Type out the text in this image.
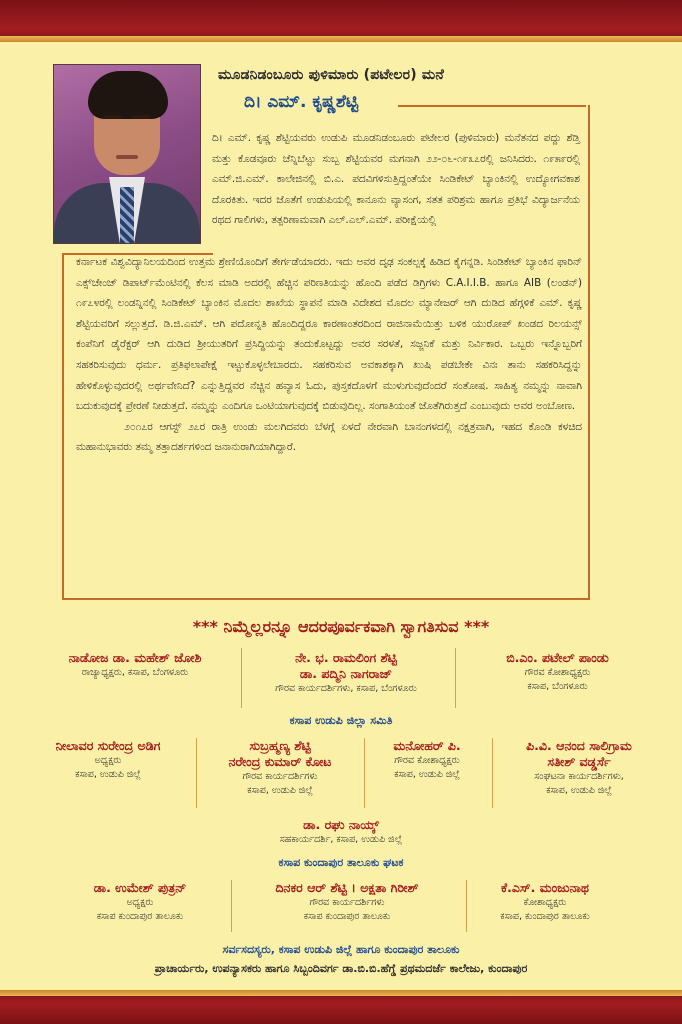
ಮೂಡನಿಡಂಬೂರು ಪುಳಿಮಾರು (ಪಟೇಲರ) ಮನೆ
ದಿ। ಎಮ್. ಕೃಷ್ಣಶೆಟ್ಟಿ
ದಿ। ಎಮ್. ಕೃಷ್ಣ ಶೆಟ್ಟಿಯವರು ಉಡುಪಿ ಮೂಡನಿಡಂಬೂರು ಪಟೇಲರ (ಪುಳಿಮಾರು) ಮನೆತನದ ಪದ್ದು ಶೆಡ್ತಿ ಮತ್ತು ಕೊಡವೂರು ಚೆನ್ನಿಬೆಟ್ಟು ಸುಬ್ಬ ಶೆಟ್ಟಿಯವರ ಮಗನಾಗಿ ೨೨-೦೬-೧೯೩೭ರಲ್ಲಿ ಜನಿಸಿದರು. ೧೯೫೯ರಲ್ಲಿ ಎಮ್.ಜಿ.ಎಮ್. ಕಾಲೇಜಿನಲ್ಲಿ ಬಿ.ಎ. ಪದವಿಗಳಿಸುತ್ತಿದ್ದಂತೆಯೇ ಸಿಂಡಿಕೇಟ್ ಬ್ಯಾಂಕಿನಲ್ಲಿ ಉದ್ಯೋಗವಕಾಶ ದೊರಕಿತು. ಇದರ ಜೊತೆಗೆ ಉಡುಪಿಯಲ್ಲಿ ಕಾನೂನು ವ್ಯಾಸಂಗ, ಸತತ ಪರಿಶ್ರಮ ಹಾಗೂ ಪ್ರತಿಭೆ ವಿದ್ಯಾರ್ಜನೆಯ ರಥದ ಗಾಲಿಗಳು, ತತ್ಪರಿಣಾಮವಾಗಿ ಎಲ್.ಎಲ್.ಎಮ್. ಪರೀಕ್ಷೆಯಲ್ಲಿ
ಕರ್ನಾಟಕ ವಿಶ್ವವಿದ್ಯಾನಿಲಯದಿಂದ ಉತ್ತಮ ಶ್ರೇಣಿಯೊಂದಿಗೆ ತೇರ್ಗಡೆಯಾದರು. ಇದು ಅವರ ದೃಢ ಸಂಕಲ್ಪಕ್ಕೆ ಹಿಡಿದ ಕೈಗನ್ನಡಿ. ಸಿಂಡಿಕೇಟ್ ಬ್ಯಾಂಕಿನ ಫಾರಿನ್ ಎಕ್ಸ್‌ಚೇಂಜ್ ಡಿಪಾರ್ಟ್‌ಮೆಂಟಿನಲ್ಲಿ ಕೆಲಸ ಮಾಡಿ ಅದರಲ್ಲಿ ಹೆಚ್ಚಿನ ಪರಿಣತಿಯನ್ನು ಹೊಂದಿ ಪಡೆದ ಡಿಗ್ರಿಗಳು C.A.I.I.B. ಹಾಗೂ AIB (ಲಂಡನ್) ೧೯೭೪ರಲ್ಲಿ ಲಂಡನ್ನಿನಲ್ಲಿ ಸಿಂಡಿಕೇಟ್ ಬ್ಯಾಂಕಿನ ಮೊದಲ ಶಾಖೆಯ ಸ್ಥಾಪನೆ ಮಾಡಿ ವಿದೇಶದ ಮೊದಲ ಮ್ಯಾನೇಜರ್ ಆಗಿ ದುಡಿದ ಹೆಗ್ಗಳಿಕೆ ಎಮ್. ಕೃಷ್ಣ ಶೆಟ್ಟಿಯವರಿಗೆ ಸಲ್ಲುತ್ತದೆ. ಡಿ.ಜಿ.ಎಮ್. ಆಗಿ ಪದೋನ್ನತಿ ಹೊಂದಿದ್ದರೂ ಕಾರಣಾಂತರದಿಂದ ರಾಜಿನಾಮೆಯಿತ್ತು ಬಳಿಕ ಯುರೋಪ್ ಖಂಡದ ರಿಲಯನ್ಸ್ ಕಂಪೆನಿಗೆ ಡೈರೆಕ್ಟರ್ ಆಗಿ ದುಡಿದ ಶ್ರೀಯುತರಿಗೆ ಪ್ರಸಿದ್ಧಿಯನ್ನು ತಂದುಕೊಟ್ಟದ್ದು ಅವರ ಸರಳತೆ, ಸಜ್ಜನಿಕೆ ಮತ್ತು ನಿರ್ವಿಕಾರ. ಒಬ್ಬರು ಇನ್ನೊಬ್ಬರಿಗೆ ಸಹಕರಿಸುವುದು ಧರ್ಮ. ಪ್ರತಿಫಲಾಪೇಕ್ಷೆ ಇಟ್ಟುಕೊಳ್ಳಲೇಬಾರದು. ಸಹಕರಿಸುವ ಅವಕಾಶಕ್ಕಾಗಿ ಖುಷಿ ಪಡಬೇಕೇ ವಿನಃ ತಾನು ಸಹಕರಿಸಿದ್ದನ್ನು ಹೇಳಿಕೊಳ್ಳುವುದರಲ್ಲಿ ಅರ್ಥವೇನಿದೆ? ಎನ್ನುತ್ತಿದ್ದವರ ನೆಚ್ಚಿನ ಹವ್ಯಾಸ ಓದು, ಪುಸ್ತಕದೊಳಗೆ ಮುಳುಗುವುದೆಂದರೆ ಸಂತೋಷ. ಸಾಹಿತ್ಯ ನಮ್ಮನ್ನು ನಾವಾಗಿ ಬದುಕುವುದಕ್ಕೆ ಪ್ರೇರಣೆ ನೀಡುತ್ತದೆ. ನಮ್ಮನ್ನು ಎಂದಿಗೂ ಒಂಟಿಯಾಗುವುದಕ್ಕೆ ಬಿಡುವುದಿಲ್ಲ. ಸಂಗಾತಿಯಂತೆ ಜೊತೆಗಿರುತ್ತದೆ ಎಂಬುವುದು ಅವರ ಅಂಬೋಣ.
೨೦೧೭ರ ಆಗಸ್ಟ್ ೨೭ರ ರಾತ್ರಿ ಉಂಡು ಮಲಗಿದವರು ಬೆಳಗ್ಗೆ ಏಳದೆ ನೇರವಾಗಿ ಬಾನಂಗಳದಲ್ಲಿ ನಕ್ಷತ್ರವಾಗಿ, ಇಹದ ಕೊಂಡಿ ಕಳಚಿದ ಮಹಾನುಭಾವರು ತಮ್ಮ ತತ್ತಾದರ್ಶಗಳಿಂದ ಜನಾನುರಾಗಿಯಾಗಿದ್ದಾರೆ.
*** ನಿಮ್ಮೆಲ್ಲರನ್ನೂ ಆದರಪೂರ್ವಕವಾಗಿ ಸ್ವಾಗತಿಸುವ ***
ನಾಡೋಜ ಡಾ. ಮಹೇಶ್ ಜೋಶಿ
ರಾಜ್ಯಾಧ್ಯಕ್ಷರು, ಕಸಾಪ, ಬೆಂಗಳೂರು
ನೇ. ಭ. ರಾಮಲಿಂಗ ಶೆಟ್ಟಿ
ಡಾ. ಪದ್ಮಿನಿ ನಾಗರಾಜ್
ಗೌರವ ಕಾರ್ಯದರ್ಶಿಗಳು, ಕಸಾಪ, ಬೆಂಗಳೂರು
ಬಿ.ಎಂ. ಪಟೇಲ್ ಪಾಂಡು
ಗೌರವ ಕೋಶಾಧ್ಯಕ್ಷರು
ಕಸಾಪ, ಬೆಂಗಳೂರು
ಕಸಾಪ ಉಡುಪಿ ಜಿಲ್ಲಾ ಸಮಿತಿ
ನೀಲಾವರ ಸುರೇಂದ್ರ ಅಡಿಗ
ಅಧ್ಯಕ್ಷರು
ಕಸಾಪ, ಉಡುಪಿ ಜಿಲ್ಲೆ
ಸುಬ್ರಹ್ಮಣ್ಯ ಶೆಟ್ಟಿ
ನರೇಂದ್ರ ಕುಮಾರ್ ಕೋಟ
ಗೌರವ ಕಾರ್ಯದರ್ಶಿಗಳು
ಕಸಾಪ, ಉಡುಪಿ ಜಿಲ್ಲೆ
ಮನೋಹರ್ ಪಿ.
ಗೌರವ ಕೋಶಾಧ್ಯಕ್ಷರು
ಕಸಾಪ, ಉಡುಪಿ ಜಿಲ್ಲೆ
ಪಿ.ವಿ. ಆನಂದ ಸಾಲಿಗ್ರಾಮ
ಸತೀಶ್ ವಡ್ಡರ್ಸೆ
ಸಂಘಟನಾ ಕಾರ್ಯದರ್ಶಿಗಳು,
ಕಸಾಪ, ಉಡುಪಿ ಜಿಲ್ಲೆ
ಡಾ. ರಘು ನಾಯ್ಕ್
ಸಹಕಾರ್ಯದರ್ಶಿ, ಕಸಾಪ, ಉಡುಪಿ ಜಿಲ್ಲೆ
ಕಸಾಪ ಕುಂದಾಪುರ ತಾಲೂಕು ಘಟಕ
ಡಾ. ಉಮೇಶ್ ಪುತ್ರನ್
ಅಧ್ಯಕ್ಷರು
ಕಸಾಪ ಕುಂದಾಪುರ ತಾಲೂಕು
ದಿನಕರ ಆರ್ ಶೆಟ್ಟಿ । ಅಕ್ಷತಾ ಗಿರೀಶ್
ಗೌರವ ಕಾರ್ಯದರ್ಶಿಗಳು
ಕಸಾಪ ಕುಂದಾಪುರ ತಾಲೂಕು
ಕೆ.ಎಸ್. ಮಂಜುನಾಥ
ಕೋಶಾಧ್ಯಕ್ಷರು
ಕಸಾಪ, ಕುಂದಾಪುರ ತಾಲೂಕು
ಸರ್ವಸದಸ್ಯರು, ಕಸಾಪ ಉಡುಪಿ ಜಿಲ್ಲೆ ಹಾಗೂ ಕುಂದಾಪುರ ತಾಲೂಕು
ಪ್ರಾಚಾರ್ಯರು, ಉಪನ್ಯಾಸಕರು ಹಾಗೂ ಸಿಬ್ಬಂದಿವರ್ಗ ಡಾ.ಬಿ.ಬಿ.ಹೆಗ್ಡೆ ಪ್ರಥಮದರ್ಜೆ ಕಾಲೇಜು, ಕುಂದಾಪುರ
